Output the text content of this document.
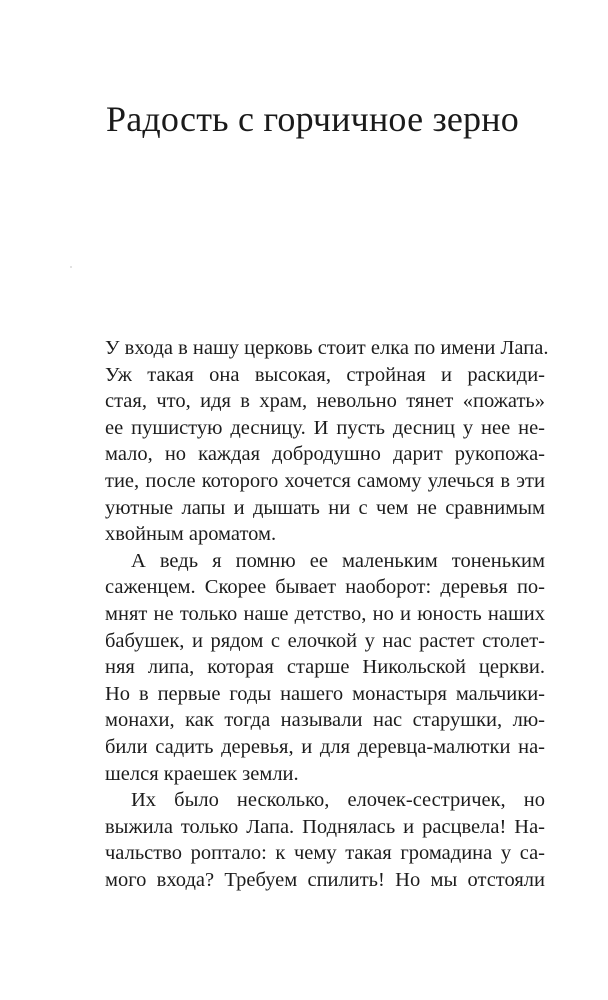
Радость с горчичное зерно
У входа в нашу церковь стоит елка по имени Лапа.
Уж такая она высокая, стройная и раскиди-
стая, что, идя в храм, невольно тянет «пожать»
ее пушистую десницу. И пусть десниц у нее не-
мало, но каждая добродушно дарит рукопожа-
тие, после которого хочется самому улечься в эти
уютные лапы и дышать ни с чем не сравнимым
хвойным ароматом.
А ведь я помню ее маленьким тоненьким
саженцем. Скорее бывает наоборот: деревья по-
мнят не только наше детство, но и юность наших
бабушек, и рядом с елочкой у нас растет столет-
няя липа, которая старше Никольской церкви.
Но в первые годы нашего монастыря мальчики-
монахи, как тогда называли нас старушки, лю-
били садить деревья, и для деревца-малютки на-
шелся краешек земли.
Их было несколько, елочек-сестричек, но
выжила только Лапа. Поднялась и расцвела! На-
чальство роптало: к чему такая громадина у са-
мого входа? Требуем спилить! Но мы отстояли
